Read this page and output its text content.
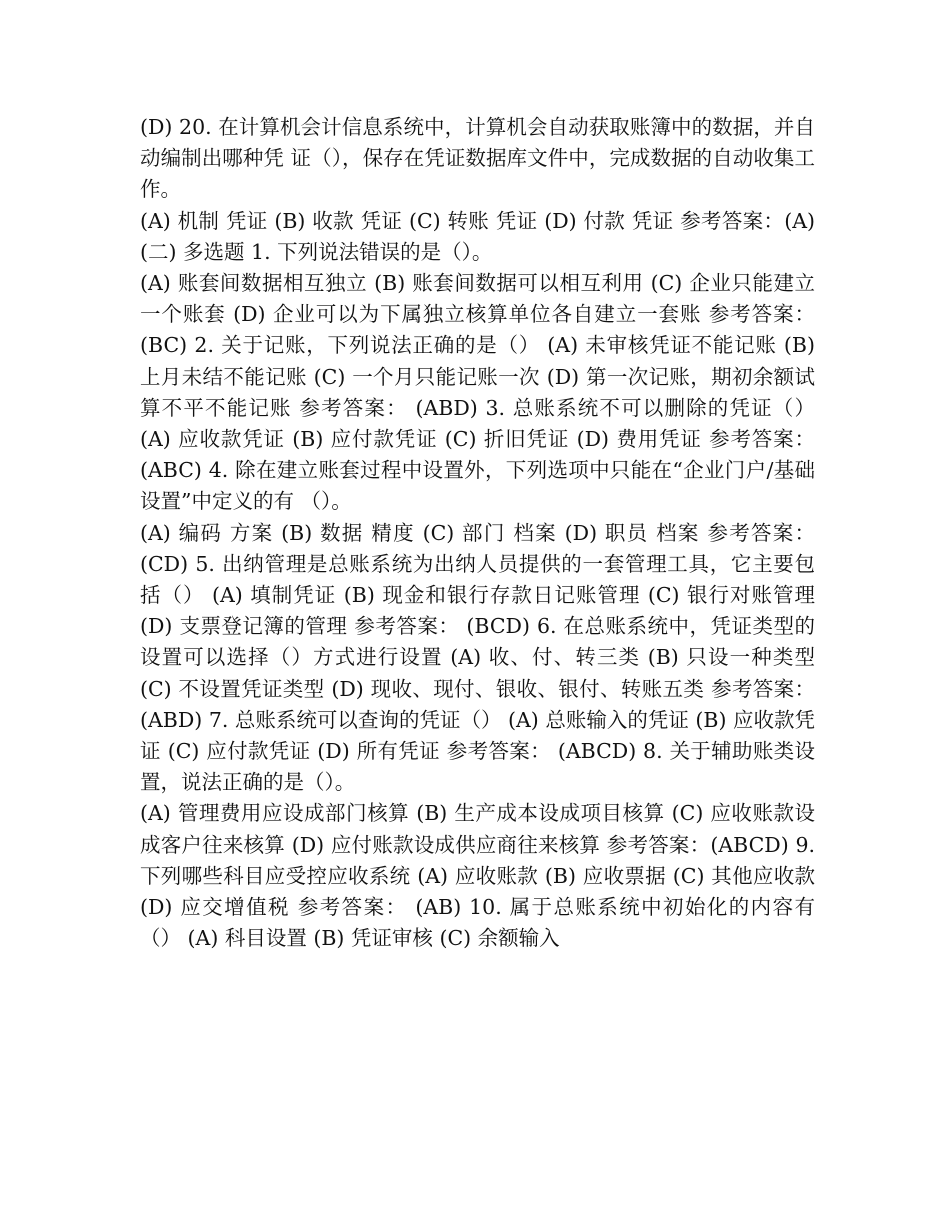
(D) 20. 在计算机会计信息系统中，计算机会自动获取账簿中的数据，并自动编制出哪种凭 证（），保存在凭证数据库文件中，完成数据的自动收集工作。

(A) 机制 凭证 (B) 收款 凭证 (C) 转账 凭证 (D) 付款 凭证 参考答案：(A) (二) 多选题 1. 下列说法错误的是（）。

(A) 账套间数据相互独立 (B) 账套间数据可以相互利用 (C) 企业只能建立一个账套 (D) 企业可以为下属独立核算单位各自建立一套账 参考答案： (BC) 2. 关于记账，下列说法正确的是（） (A) 未审核凭证不能记账 (B) 上月未结不能记账 (C) 一个月只能记账一次 (D) 第一次记账，期初余额试算不平不能记账 参考答案： (ABD) 3. 总账系统不可以删除的凭证（） (A) 应收款凭证 (B) 应付款凭证 (C) 折旧凭证 (D) 费用凭证 参考答案： (ABC) 4. 除在建立账套过程中设置外，下列选项中只能在“企业门户/基础设置”中定义的有 （）。

(A) 编码 方案 (B) 数据 精度 (C) 部门 档案 (D) 职员 档案 参考答案： (CD) 5. 出纳管理是总账系统为出纳人员提供的一套管理工具，它主要包括（） (A) 填制凭证 (B) 现金和银行存款日记账管理 (C) 银行对账管理 (D) 支票登记簿的管理 参考答案： (BCD) 6. 在总账系统中，凭证类型的设置可以选择（）方式进行设置 (A) 收、付、转三类 (B) 只设一种类型 (C) 不设置凭证类型 (D) 现收、现付、银收、银付、转账五类 参考答案： (ABD) 7. 总账系统可以查询的凭证（） (A) 总账输入的凭证 (B) 应收款凭证 (C) 应付款凭证 (D) 所有凭证 参考答案： (ABCD) 8. 关于辅助账类设置，说法正确的是（）。

(A) 管理费用应设成部门核算 (B) 生产成本设成项目核算 (C) 应收账款设成客户往来核算 (D) 应付账款设成供应商往来核算 参考答案：(ABCD) 9. 下列哪些科目应受控应收系统 (A) 应收账款 (B) 应收票据 (C) 其他应收款 (D) 应交增值税 参考答案： (AB) 10. 属于总账系统中初始化的内容有（） (A) 科目设置 (B) 凭证审核 (C) 余额输入
